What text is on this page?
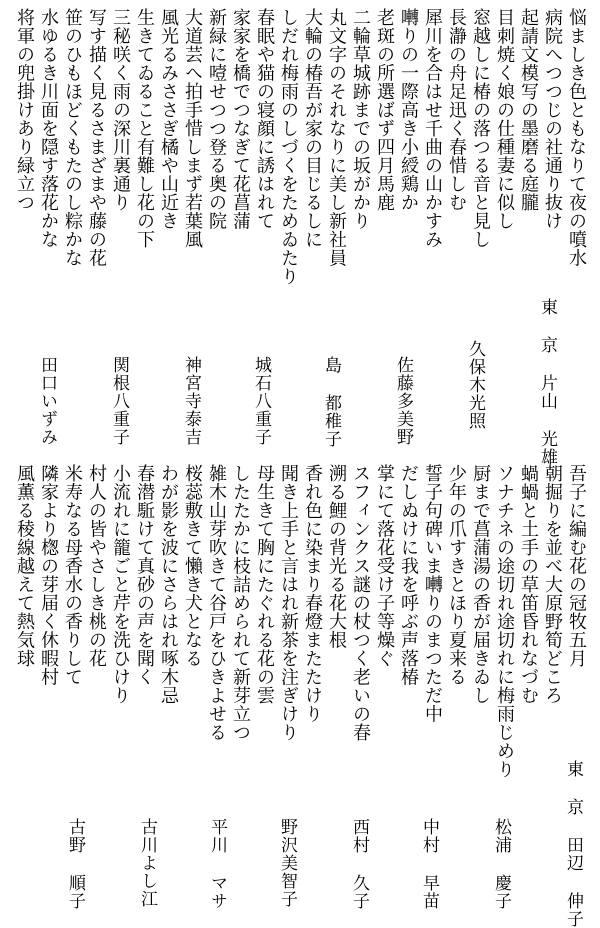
悩ましき色ともなりて夜の噴水
病院へつつじの社通り抜け
起請文模写の墨磨る庭朧
目刺焼く娘の仕種妻に似し
窓越しに椿の落つる音と見し
長瀞の舟足迅く春惜しむ
犀川を合はせ千曲の山かすみ
囀りの一際高き小綬鶏か
老斑の所選ばず四月馬鹿
二輪草城跡までの坂がかり
丸文字のそれなりに美し新社員
大輪の椿吾が家の目じるしに
しだれ梅雨のしづくをためゐたり
春眠や猫の寝顔に誘はれて
家家を橋でつなぎて花菖蒲
新緑に噎せつつ登る奥の院
大道芸へ拍手惜しまず若葉風
風光るみささぎ橘や山近き
生きてゐること有難し花の下
三秘咲く雨の深川裏通り
写す描く見るさまざまや藤の花
笹のひもほどくもたのし粽かな
水ゆるき川面を隠す落花かな
将軍の兜掛けあり緑立つ
東京片山光雄
久保木光照
佐藤多美野
島都稚子
城石八重子
神宮寺泰吉
関根八重子
田口いずみ
吾子に編む花の冠牧五月
朝掘りを並べ大原野筍どころ
蝸蝸と土手の草笛昏れなづむ
ソナチネの途切れ途切れに梅雨じめり
厨まで菖蒲湯の香が届きゐし
少年の爪すきとほり夏来る
誓子句碑いま囀りのまつただ中
だしぬけに我を呼ぶ声落椿
掌にて落花受け子等燥ぐ
スフィンクス謎の杖つく老いの春
溯る鯉の背光る花大根
香れ色に染まり春燈またたけり
聞き上手と言はれ新茶を注ぎけり
母生きて胸にたぐれる花の雲
したたかに枝詰められて新芽立つ
雑木山芽吹きて谷戸をひきよせる
桜蕊敷きて懶き犬となる
わが影を波にさらはれ啄木忌
春潜駈けて真砂の声を聞く
小流れに籠ごと芹を洗ひけり
村人の皆やさしき桃の花
米寿なる母香水の香りして
隣家より楤の芽届く休暇村
風薫る稜線越えて熱気球
東京田辺伸子
松浦慶子
中村早苗
西村久子
野沢美智子
平川マサ
古川よし江
古野順子
